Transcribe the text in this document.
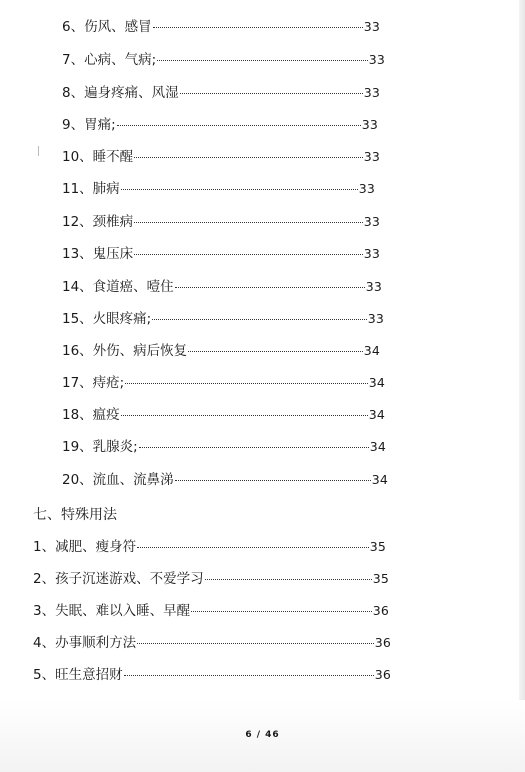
6、伤风、感冒	33
7、心病、气病;	33
8、遍身疼痛、风湿	33
9、胃痛;	33
10、睡不醒	33
11、肺病	33
12、颈椎病	33
13、鬼压床	33
14、食道癌、噎住	33
15、火眼疼痛;	33
16、外伤、病后恢复	34
17、痔疮;	34
18、瘟疫	34
19、乳腺炎;	34
20、流血、流鼻涕	34
七、特殊用法
1、减肥、瘦身符	35
2、孩子沉迷游戏、不爱学习	35
3、失眠、难以入睡、早醒	36
4、办事顺利方法	36
5、旺生意招财	36
6 / 46
